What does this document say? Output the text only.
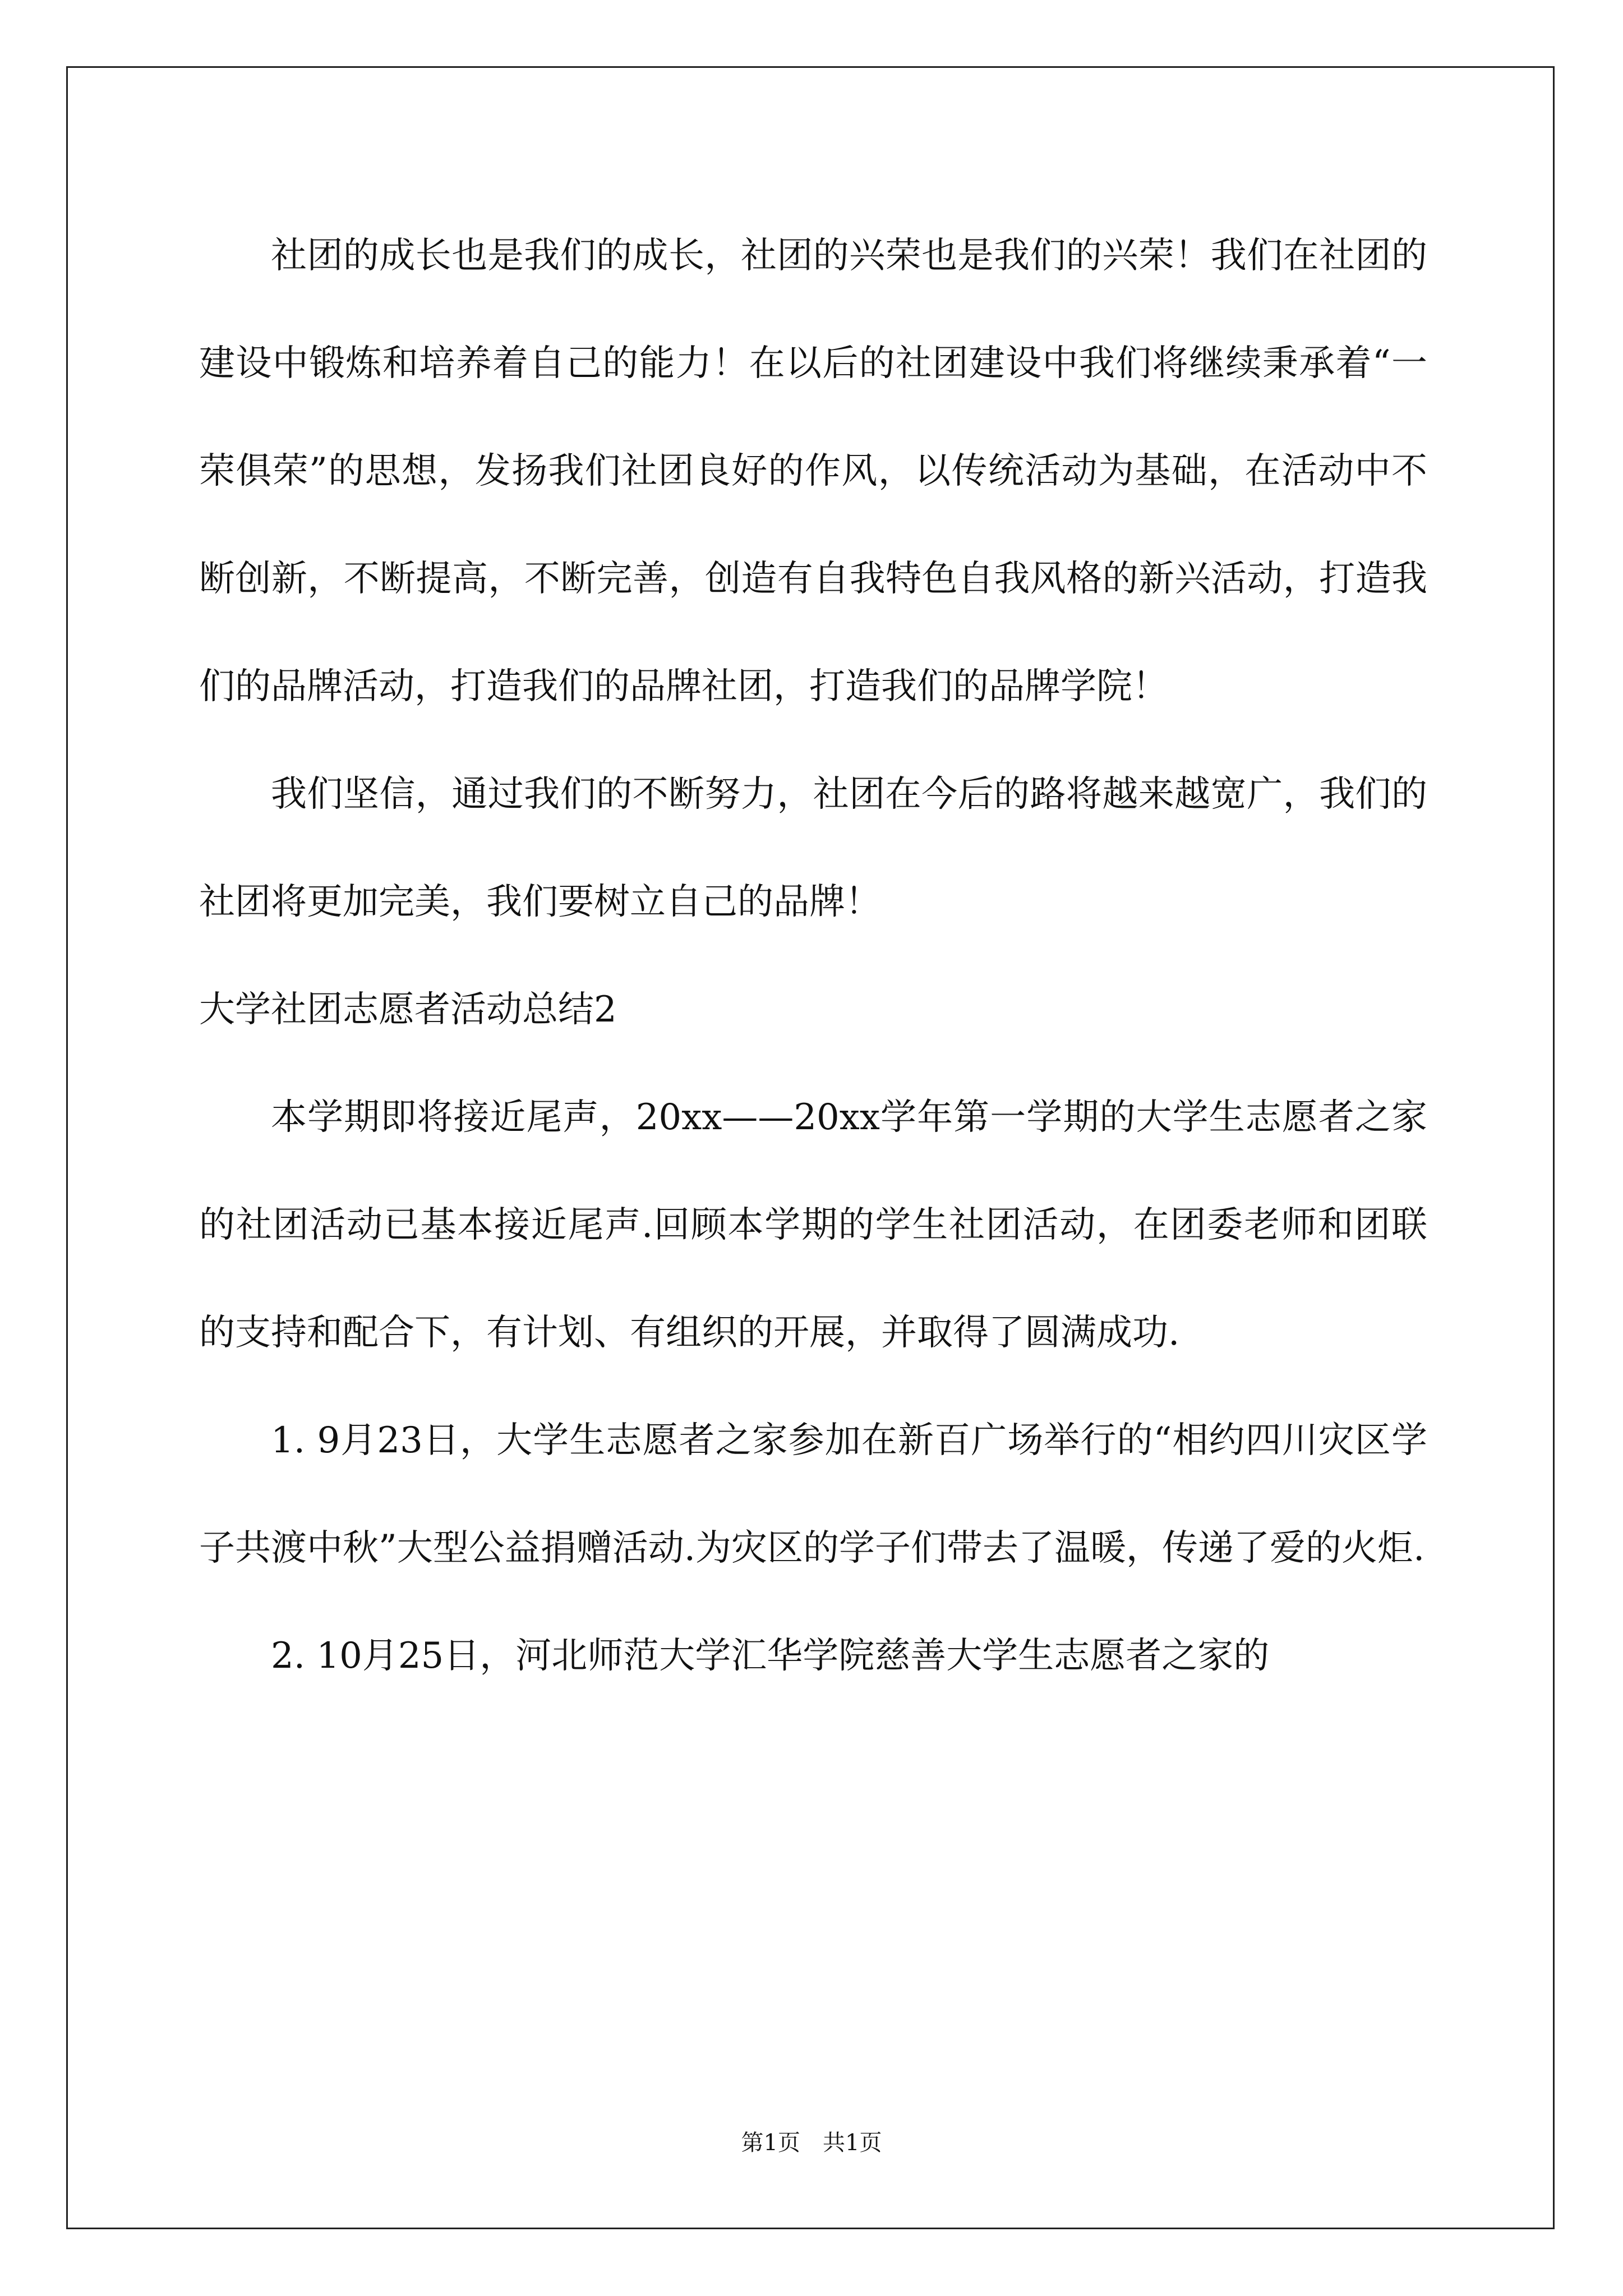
社团的成长也是我们的成长，社团的兴荣也是我们的兴荣！我们在社团的建设中锻炼和培养着自己的能力！在以后的社团建设中我们将继续秉承着“一荣俱荣”的思想，发扬我们社团良好的作风，以传统活动为基础，在活动中不断创新，不断提高，不断完善，创造有自我特色自我风格的新兴活动，打造我们的品牌活动，打造我们的品牌社团，打造我们的品牌学院！

我们坚信，通过我们的不断努力，社团在今后的路将越来越宽广，我们的社团将更加完美，我们要树立自己的品牌！

大学社团志愿者活动总结2

本学期即将接近尾声，20xx——20xx学年第一学期的大学生志愿者之家的社团活动已基本接近尾声.回顾本学期的学生社团活动，在团委老师和团联的支持和配合下，有计划、有组织的开展，并取得了圆满成功.

1. 9月23日，大学生志愿者之家参加在新百广场举行的“相约四川灾区学子共渡中秋”大型公益捐赠活动.为灾区的学子们带去了温暖，传递了爱的火炬.

2. 10月25日，河北师范大学汇华学院慈善大学生志愿者之家的

第1页　共1页
